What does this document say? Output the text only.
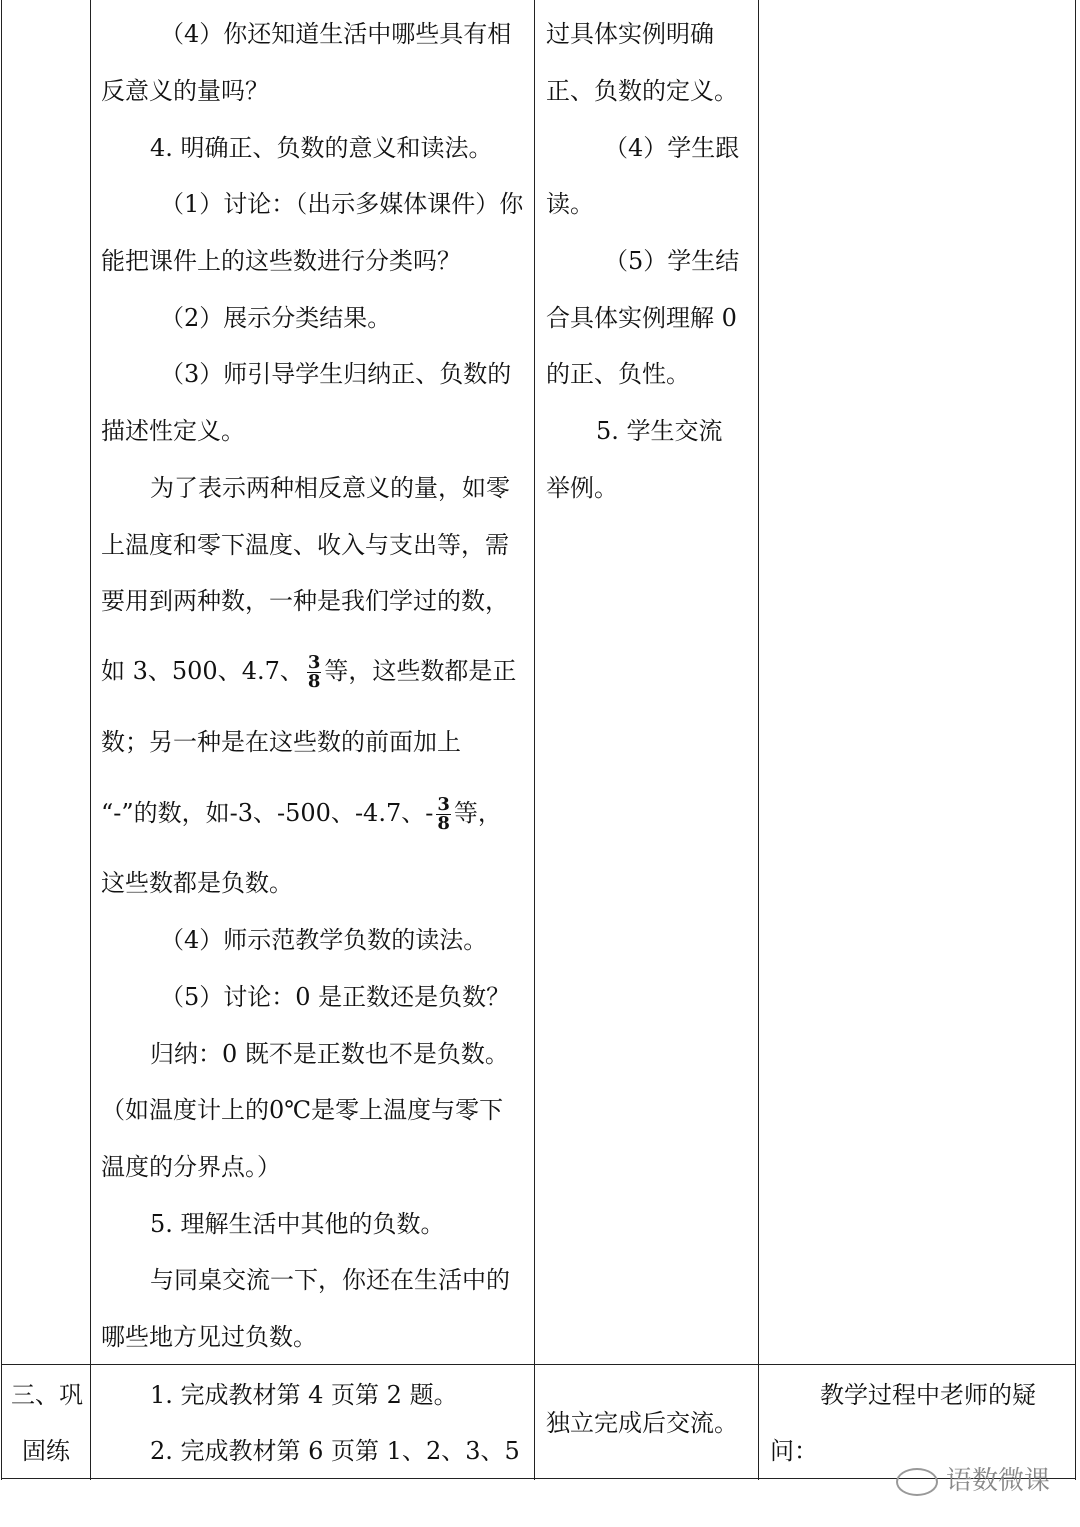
（4）你还知道生活中哪些具有相
反意义的量吗？
4. 明确正、负数的意义和读法。
（1）讨论：（出示多媒体课件）你
能把课件上的这些数进行分类吗？
（2）展示分类结果。
（3）师引导学生归纳正、负数的
描述性定义。
为了表示两种相反意义的量，如零
上温度和零下温度、收入与支出等，需
要用到两种数，一种是我们学过的数，
如 3、500、4.7、 $\frac{3}{8}$ 等，这些数都是正
数；另一种是在这些数的前面加上
“-”的数，如-3、-500、-4.7、- $\frac{3}{8}$ 等，
这些数都是负数。
（4）师示范教学负数的读法。
（5）讨论：0 是正数还是负数？
归纳：0 既不是正数也不是负数。
（如温度计上的0℃是零上温度与零下
温度的分界点。）
5. 理解生活中其他的负数。
与同桌交流一下，你还在生活中的
哪些地方见过负数。
过具体实例明确
正、负数的定义。
（4）学生跟
读。
（5）学生结
合具体实例理解 0
的正、负性。
5. 学生交流
举例。
三、巩
固练
1. 完成教材第 4 页第 2 题。
2. 完成教材第 6 页第 1、2、3、5
独立完成后交流。
教学过程中老师的疑
问：
语数微课
